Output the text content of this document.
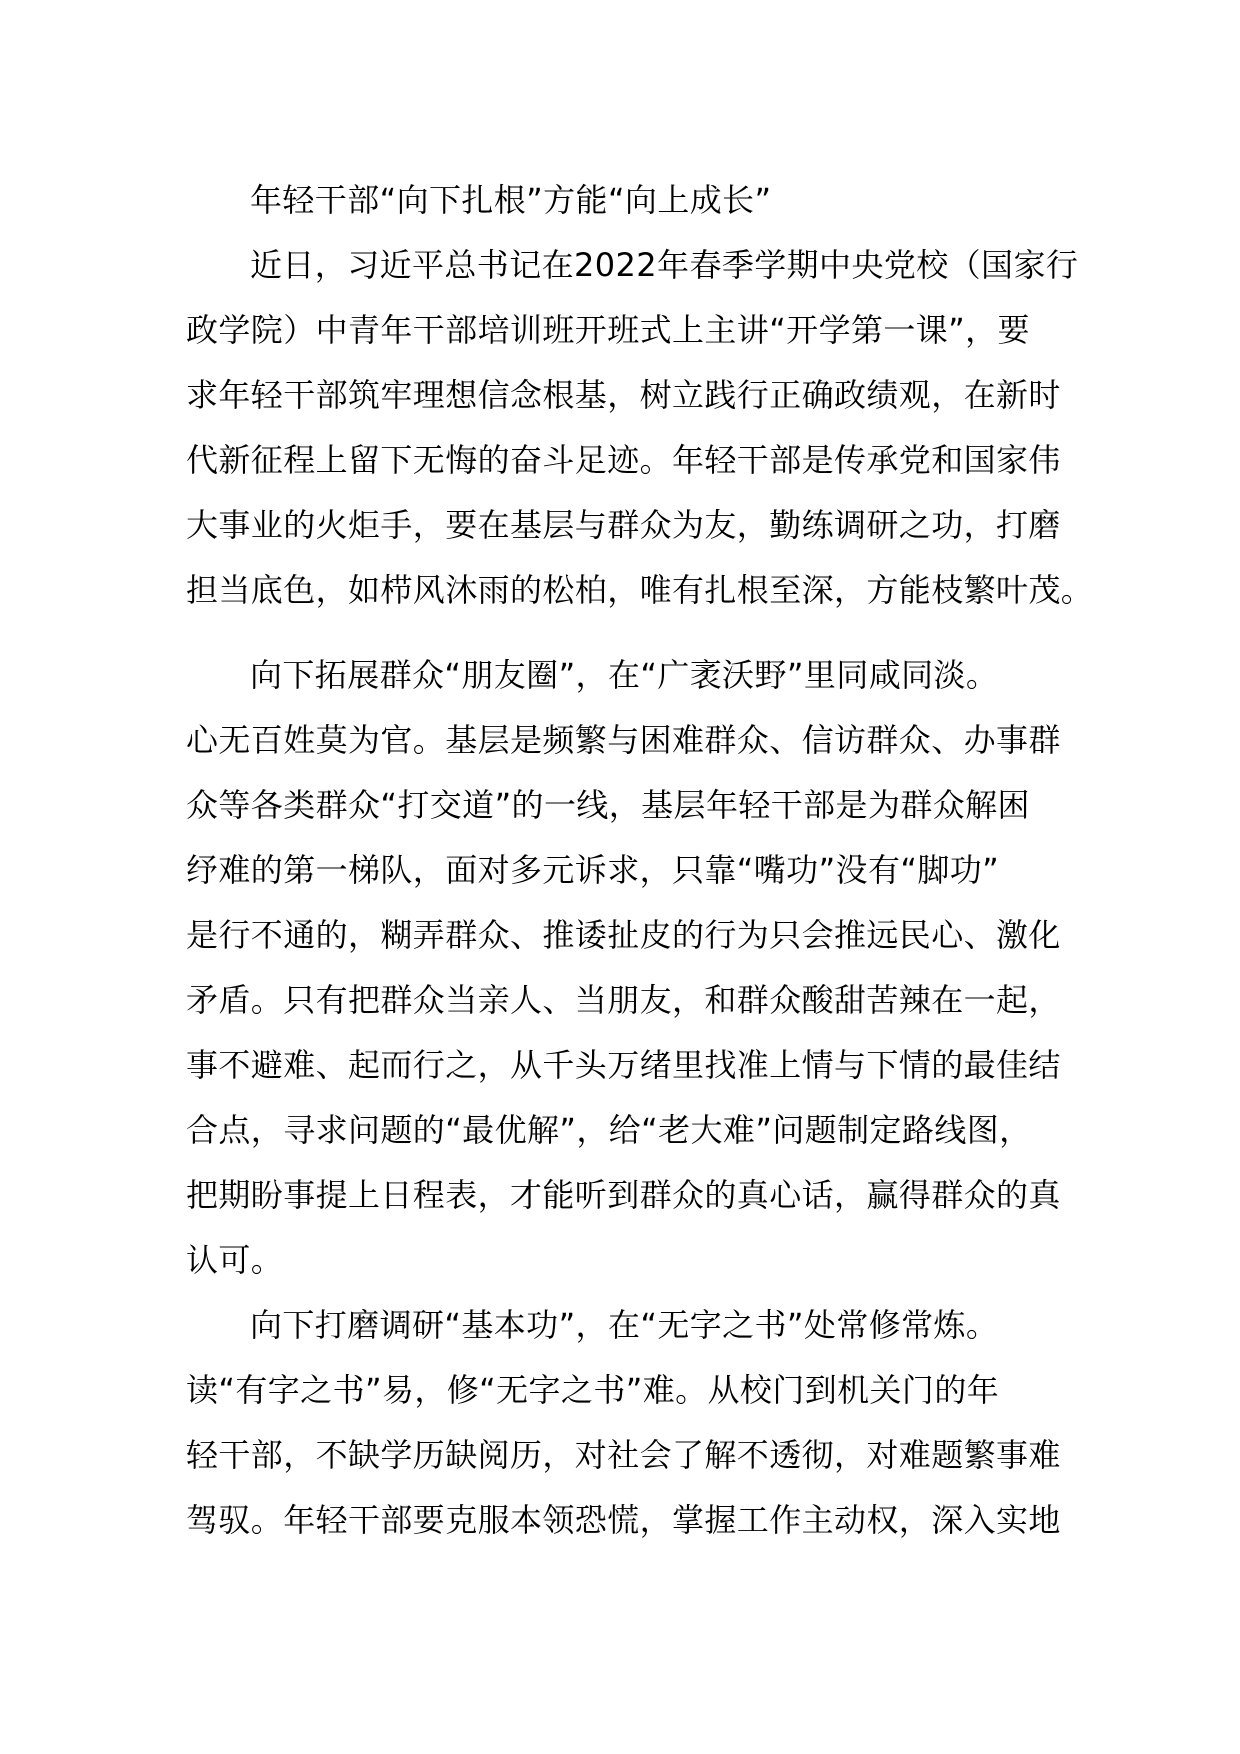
年轻干部“向下扎根”方能“向上成长”
近日，习近平总书记在2022年春季学期中央党校（国家行
政学院）中青年干部培训班开班式上主讲“开学第一课”，要
求年轻干部筑牢理想信念根基，树立践行正确政绩观，在新时
代新征程上留下无悔的奋斗足迹。年轻干部是传承党和国家伟
大事业的火炬手，要在基层与群众为友，勤练调研之功，打磨
担当底色，如栉风沐雨的松柏，唯有扎根至深，方能枝繁叶茂。
向下拓展群众“朋友圈”，在“广袤沃野”里同咸同淡。
心无百姓莫为官。基层是频繁与困难群众、信访群众、办事群
众等各类群众“打交道”的一线，基层年轻干部是为群众解困
纾难的第一梯队，面对多元诉求，只靠“嘴功”没有“脚功”
是行不通的，糊弄群众、推诿扯皮的行为只会推远民心、激化
矛盾。只有把群众当亲人、当朋友，和群众酸甜苦辣在一起，
事不避难、起而行之，从千头万绪里找准上情与下情的最佳结
合点，寻求问题的“最优解”，给“老大难”问题制定路线图，
把期盼事提上日程表，才能听到群众的真心话，赢得群众的真
认可。
向下打磨调研“基本功”，在“无字之书”处常修常炼。
读“有字之书”易，修“无字之书”难。从校门到机关门的年
轻干部，不缺学历缺阅历，对社会了解不透彻，对难题繁事难
驾驭。年轻干部要克服本领恐慌，掌握工作主动权，深入实地
